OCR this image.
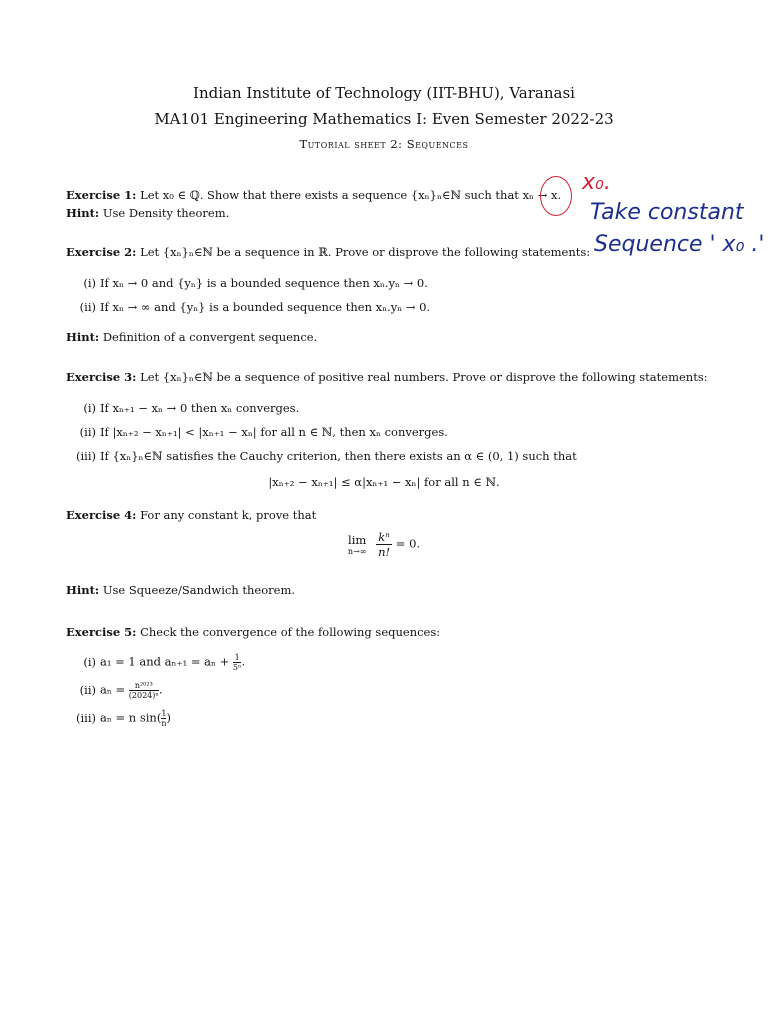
Indian Institute of Technology (IIT-BHU), Varanasi
MA101 Engineering Mathematics I: Even Semester 2022-23
Tutorial sheet 2: Sequences
Exercise 1: Let x₀ ∈ ℚ. Show that there exists a sequence {xₙ}ₙ∈ℕ such that xₙ → x.
Hint: Use Density theorem.
x₀.
Take constant
Sequence ' x₀ .'
Exercise 2: Let {xₙ}ₙ∈ℕ be a sequence in ℝ. Prove or disprove the following statements:
(i) If xₙ → 0 and {yₙ} is a bounded sequence then xₙ.yₙ → 0.
(ii) If xₙ → ∞ and {yₙ} is a bounded sequence then xₙ.yₙ → 0.
Hint: Definition of a convergent sequence.
Exercise 3: Let {xₙ}ₙ∈ℕ be a sequence of positive real numbers. Prove or disprove the following statements:
(i) If xₙ₊₁ − xₙ → 0 then xₙ converges.
(ii) If |xₙ₊₂ − xₙ₊₁| < |xₙ₊₁ − xₙ| for all n ∈ ℕ, then xₙ converges.
(iii) If {xₙ}ₙ∈ℕ satisfies the Cauchy criterion, then there exists an α ∈ (0, 1) such that
|xₙ₊₂ − xₙ₊₁| ≤ α|xₙ₊₁ − xₙ| for all n ∈ ℕ.
Exercise 4: For any constant k, prove that
lim
n→∞
$\frac{\text{kⁿ}}{n!} = 0$.
Hint: Use Squeeze/Sandwich theorem.
Exercise 5: Check the convergence of the following sequences:
(i) a₁ = 1 and $a_{n+1} = a_n + \frac{1}{\text{5ⁿ}}$.
(ii) $a_n = \frac{\text{n²⁰²³}}{\text{(2024)ⁿ}}$.
(iii) aₙ = n $\sin( \frac{1}{n})$
